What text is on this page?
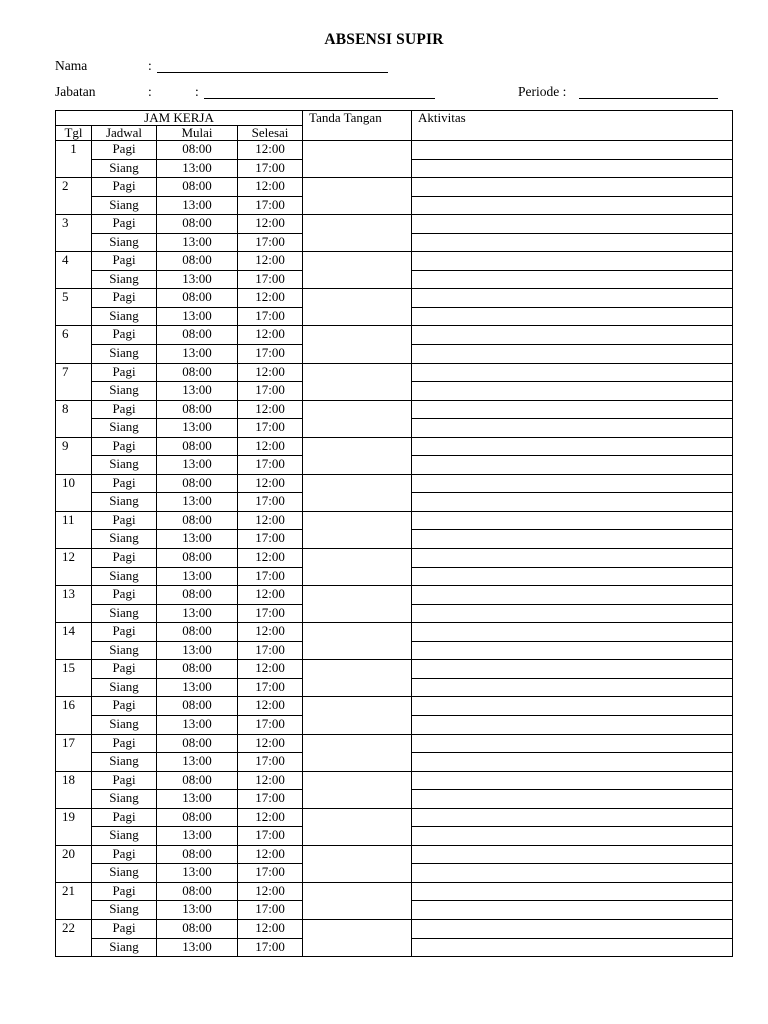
ABSENSI SUPIR
Nama	:
Jabatan	:	:	Periode :
JAM KERJA				Tanda Tangan	Aktivitas
Tgl	Jadwal	Mulai	Selesai		
1	Pagi	08:00	12:00		
	Siang	13:00	17:00		
2	Pagi	08:00	12:00		
	Siang	13:00	17:00		
3	Pagi	08:00	12:00		
	Siang	13:00	17:00		
4	Pagi	08:00	12:00		
	Siang	13:00	17:00		
5	Pagi	08:00	12:00		
	Siang	13:00	17:00		
6	Pagi	08:00	12:00		
	Siang	13:00	17:00		
7	Pagi	08:00	12:00		
	Siang	13:00	17:00		
8	Pagi	08:00	12:00		
	Siang	13:00	17:00		
9	Pagi	08:00	12:00		
	Siang	13:00	17:00		
10	Pagi	08:00	12:00		
	Siang	13:00	17:00		
11	Pagi	08:00	12:00		
	Siang	13:00	17:00		
12	Pagi	08:00	12:00		
	Siang	13:00	17:00		
13	Pagi	08:00	12:00		
	Siang	13:00	17:00		
14	Pagi	08:00	12:00		
	Siang	13:00	17:00		
15	Pagi	08:00	12:00		
	Siang	13:00	17:00		
16	Pagi	08:00	12:00		
	Siang	13:00	17:00		
17	Pagi	08:00	12:00		
	Siang	13:00	17:00		
18	Pagi	08:00	12:00		
	Siang	13:00	17:00		
19	Pagi	08:00	12:00		
	Siang	13:00	17:00		
20	Pagi	08:00	12:00		
	Siang	13:00	17:00		
21	Pagi	08:00	12:00		
	Siang	13:00	17:00		
22	Pagi	08:00	12:00		
	Siang	13:00	17:00		
